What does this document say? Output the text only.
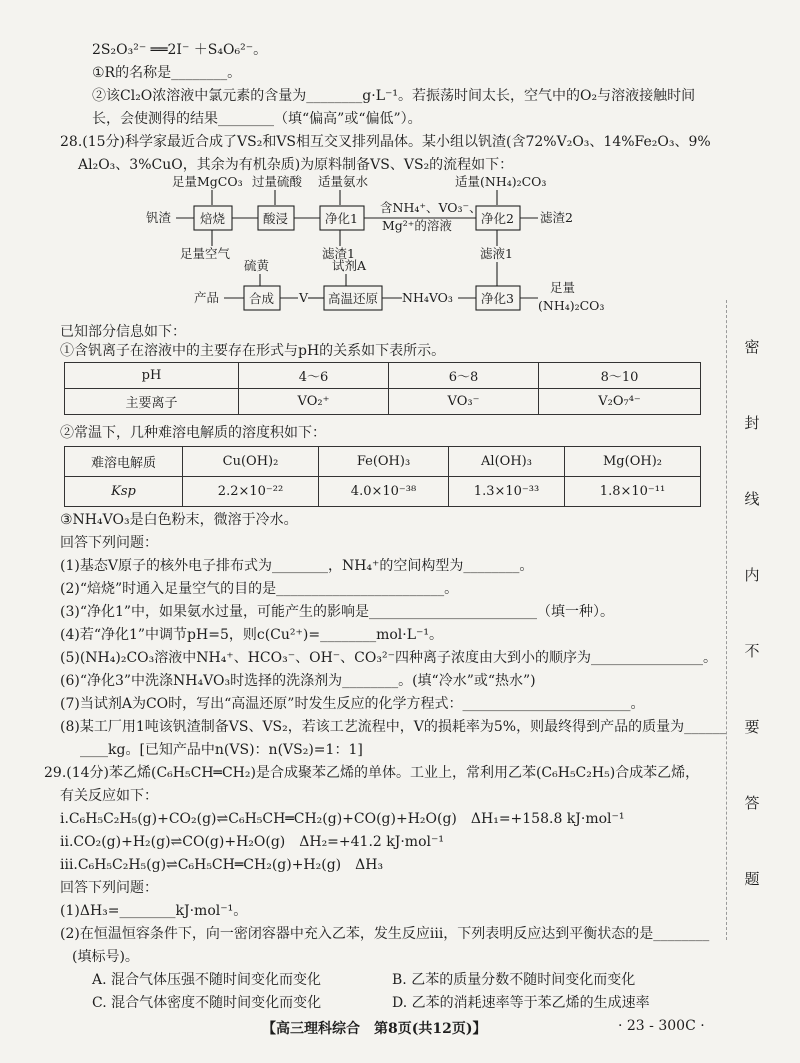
2S₂O₃²⁻ ══2I⁻ ＋S₄O₆²⁻。
①R的名称是________。
②该Cl₂O浓溶液中氯元素的含量为________g·L⁻¹。若振荡时间太长，空气中的O₂与溶液接触时间
长，会使测得的结果________（填“偏高”或“偏低”）。
28.(15分)科学家最近合成了VS₂和VS相互交叉排列晶体。某小组以钒渣(含72%V₂O₃、14%Fe₂O₃、9%
Al₂O₃、3%CuO，其余为有机杂质)为原料制备VS、VS₂的流程如下：
足量MgCO₃ 过量硫酸 适量氨水	适量(NH₄)₂CO₃
钒渣 焙烧	酸浸	净化1
含NH₄⁺、VO₃⁻、
Mg²⁺的溶液 净化2 滤渣2
足量空气	滤渣1	滤液1
硫黄	试剂A
产品 合成 V 高温还原 NH₄VO₃ 净化3
足量
(NH₄)₂CO₃
已知部分信息如下：
①含钒离子在溶液中的主要存在形式与pH的关系如下表所示。
pH	4～6	6～8	8～10
主要离子	VO₂⁺	VO₃⁻	V₂O₇⁴⁻
②常温下，几种难溶电解质的溶度积如下：
难溶电解质	Cu(OH)₂	Fe(OH)₃	Al(OH)₃	Mg(OH)₂
Ksp	2.2×10⁻²²	4.0×10⁻³⁸	1.3×10⁻³³	1.8×10⁻¹¹
③NH₄VO₃是白色粉末，微溶于冷水。
回答下列问题：
(1)基态V原子的核外电子排布式为________，NH₄⁺的空间构型为________。
(2)“焙烧”时通入足量空气的目的是________________________。
(3)“净化1”中，如果氨水过量，可能产生的影响是________________________（填一种）。
(4)若“净化1”中调节pH=5，则c(Cu²⁺)=________mol·L⁻¹。
(5)(NH₄)₂CO₃溶液中NH₄⁺、HCO₃⁻、OH⁻、CO₃²⁻四种离子浓度由大到小的顺序为________________。
(6)“净化3”中洗涤NH₄VO₃时选择的洗涤剂为________。(填“冷水”或“热水”)
(7)当试剂A为CO时，写出“高温还原”时发生反应的化学方程式：________________________。
(8)某工厂用1吨该钒渣制备VS、VS₂，若该工艺流程中，V的损耗率为5%，则最终得到产品的质量为______
____kg。[已知产品中n(VS)：n(VS₂)=1：1]
29.(14分)苯乙烯(C₆H₅CH═CH₂)是合成聚苯乙烯的单体。工业上，常利用乙苯(C₆H₅C₂H₅)合成苯乙烯，
有关反应如下：
ⅰ.C₆H₅C₂H₅(g)+CO₂(g)⇌C₆H₅CH═CH₂(g)+CO(g)+H₂O(g)　ΔH₁=+158.8 kJ·mol⁻¹
ⅱ.CO₂(g)+H₂(g)⇌CO(g)+H₂O(g)　ΔH₂=+41.2 kJ·mol⁻¹
ⅲ.C₆H₅C₂H₅(g)⇌C₆H₅CH═CH₂(g)+H₂(g)　ΔH₃
回答下列问题：
(1)ΔH₃=________kJ·mol⁻¹。
(2)在恒温恒容条件下，向一密闭容器中充入乙苯，发生反应ⅲ，下列表明反应达到平衡状态的是________
(填标号)。
A. 混合气体压强不随时间变化而变化	B. 乙苯的质量分数不随时间变化而变化
C. 混合气体密度不随时间变化而变化	D. 乙苯的消耗速率等于苯乙烯的生成速率
【高三理科综合　第8页(共12页)】	· 23 - 300C ·
密
封
线
内
不
要
答
题
